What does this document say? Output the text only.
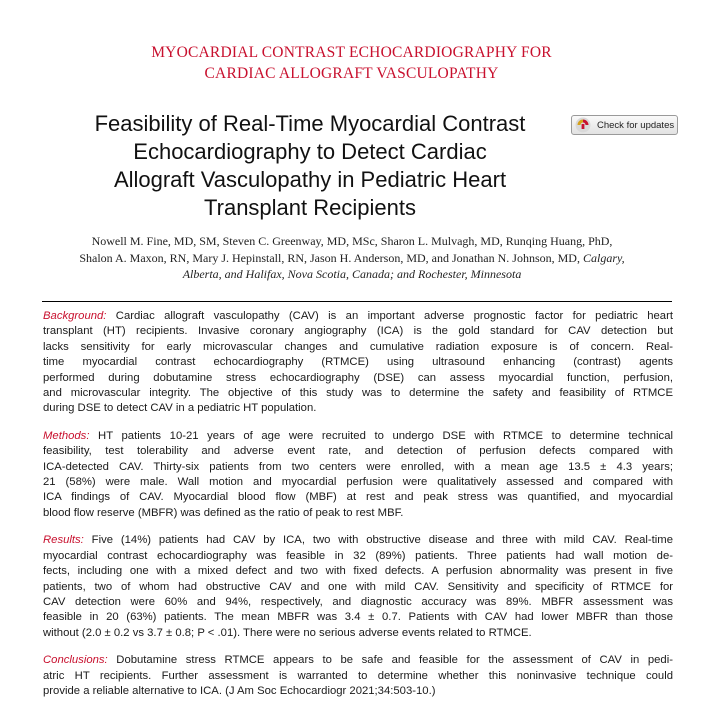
MYOCARDIAL CONTRAST ECHOCARDIOGRAPHY FOR
CARDIAC ALLOGRAFT VASCULOPATHY
Feasibility of Real-Time Myocardial Contrast
Echocardiography to Detect Cardiac
Allograft Vasculopathy in Pediatric Heart
Transplant Recipients
Check for updates
Nowell M. Fine, MD, SM, Steven C. Greenway, MD, MSc, Sharon L. Mulvagh, MD, Runqing Huang, PhD,
Shalon A. Maxon, RN, Mary J. Hepinstall, RN, Jason H. Anderson, MD, and Jonathan N. Johnson, MD, Calgary,
Alberta, and Halifax, Nova Scotia, Canada; and Rochester, Minnesota
Background: Cardiac allograft vasculopathy (CAV) is an important adverse prognostic factor for pediatric heart
transplant (HT) recipients. Invasive coronary angiography (ICA) is the gold standard for CAV detection but
lacks sensitivity for early microvascular changes and cumulative radiation exposure is of concern. Real-
time myocardial contrast echocardiography (RTMCE) using ultrasound enhancing (contrast) agents
performed during dobutamine stress echocardiography (DSE) can assess myocardial function, perfusion,
and microvascular integrity. The objective of this study was to determine the safety and feasibility of RTMCE
during DSE to detect CAV in a pediatric HT population.
Methods: HT patients 10-21 years of age were recruited to undergo DSE with RTMCE to determine technical
feasibility, test tolerability and adverse event rate, and detection of perfusion defects compared with
ICA-detected CAV. Thirty-six patients from two centers were enrolled, with a mean age 13.5 ± 4.3 years;
21 (58%) were male. Wall motion and myocardial perfusion were qualitatively assessed and compared with
ICA findings of CAV. Myocardial blood flow (MBF) at rest and peak stress was quantified, and myocardial
blood flow reserve (MBFR) was defined as the ratio of peak to rest MBF.
Results: Five (14%) patients had CAV by ICA, two with obstructive disease and three with mild CAV. Real-time
myocardial contrast echocardiography was feasible in 32 (89%) patients. Three patients had wall motion de-
fects, including one with a mixed defect and two with fixed defects. A perfusion abnormality was present in five
patients, two of whom had obstructive CAV and one with mild CAV. Sensitivity and specificity of RTMCE for
CAV detection were 60% and 94%, respectively, and diagnostic accuracy was 89%. MBFR assessment was
feasible in 20 (63%) patients. The mean MBFR was 3.4 ± 0.7. Patients with CAV had lower MBFR than those
without (2.0 ± 0.2 vs 3.7 ± 0.8; P < .01). There were no serious adverse events related to RTMCE.
Conclusions: Dobutamine stress RTMCE appears to be safe and feasible for the assessment of CAV in pedi-
atric HT recipients. Further assessment is warranted to determine whether this noninvasive technique could
provide a reliable alternative to ICA. (J Am Soc Echocardiogr 2021;34:503-10.)
